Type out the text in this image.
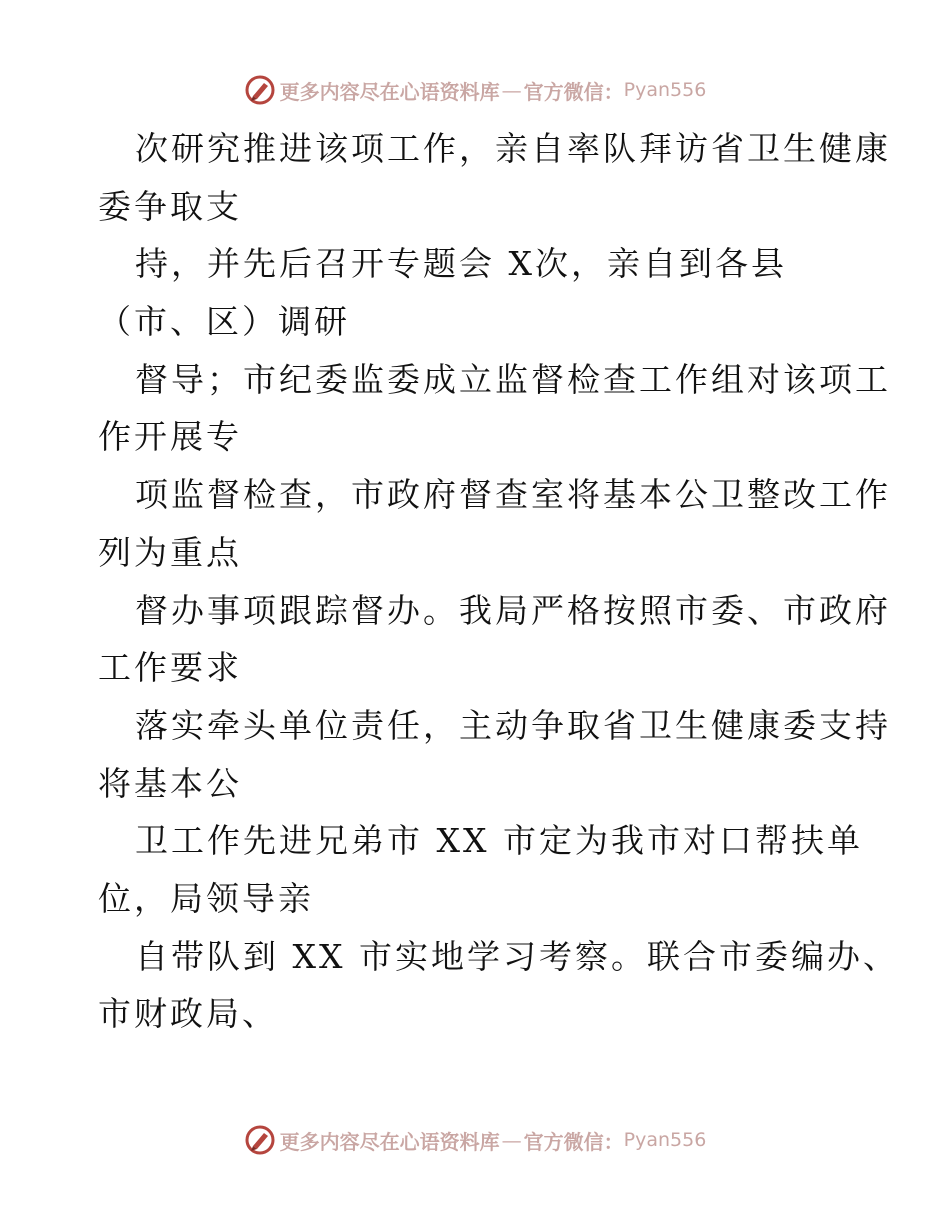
更多内容尽在心语资料库 — 官方微信： Pyan556
次研究推进该项工作，亲自率队拜访省卫生健康
委争取支
持，并先后召开专题会 X次，亲自到各县
（市、区）调研
督导；市纪委监委成立监督检查工作组对该项工
作开展专
项监督检查，市政府督查室将基本公卫整改工作
列为重点
督办事项跟踪督办。我局严格按照市委、市政府
工作要求
落实牵头单位责任，主动争取省卫生健康委支持
将基本公
卫工作先进兄弟市 XX 市定为我市对口帮扶单
位，局领导亲
自带队到 XX 市实地学习考察。联合市委编办、
市财政局、
更多内容尽在心语资料库 — 官方微信： Pyan556
